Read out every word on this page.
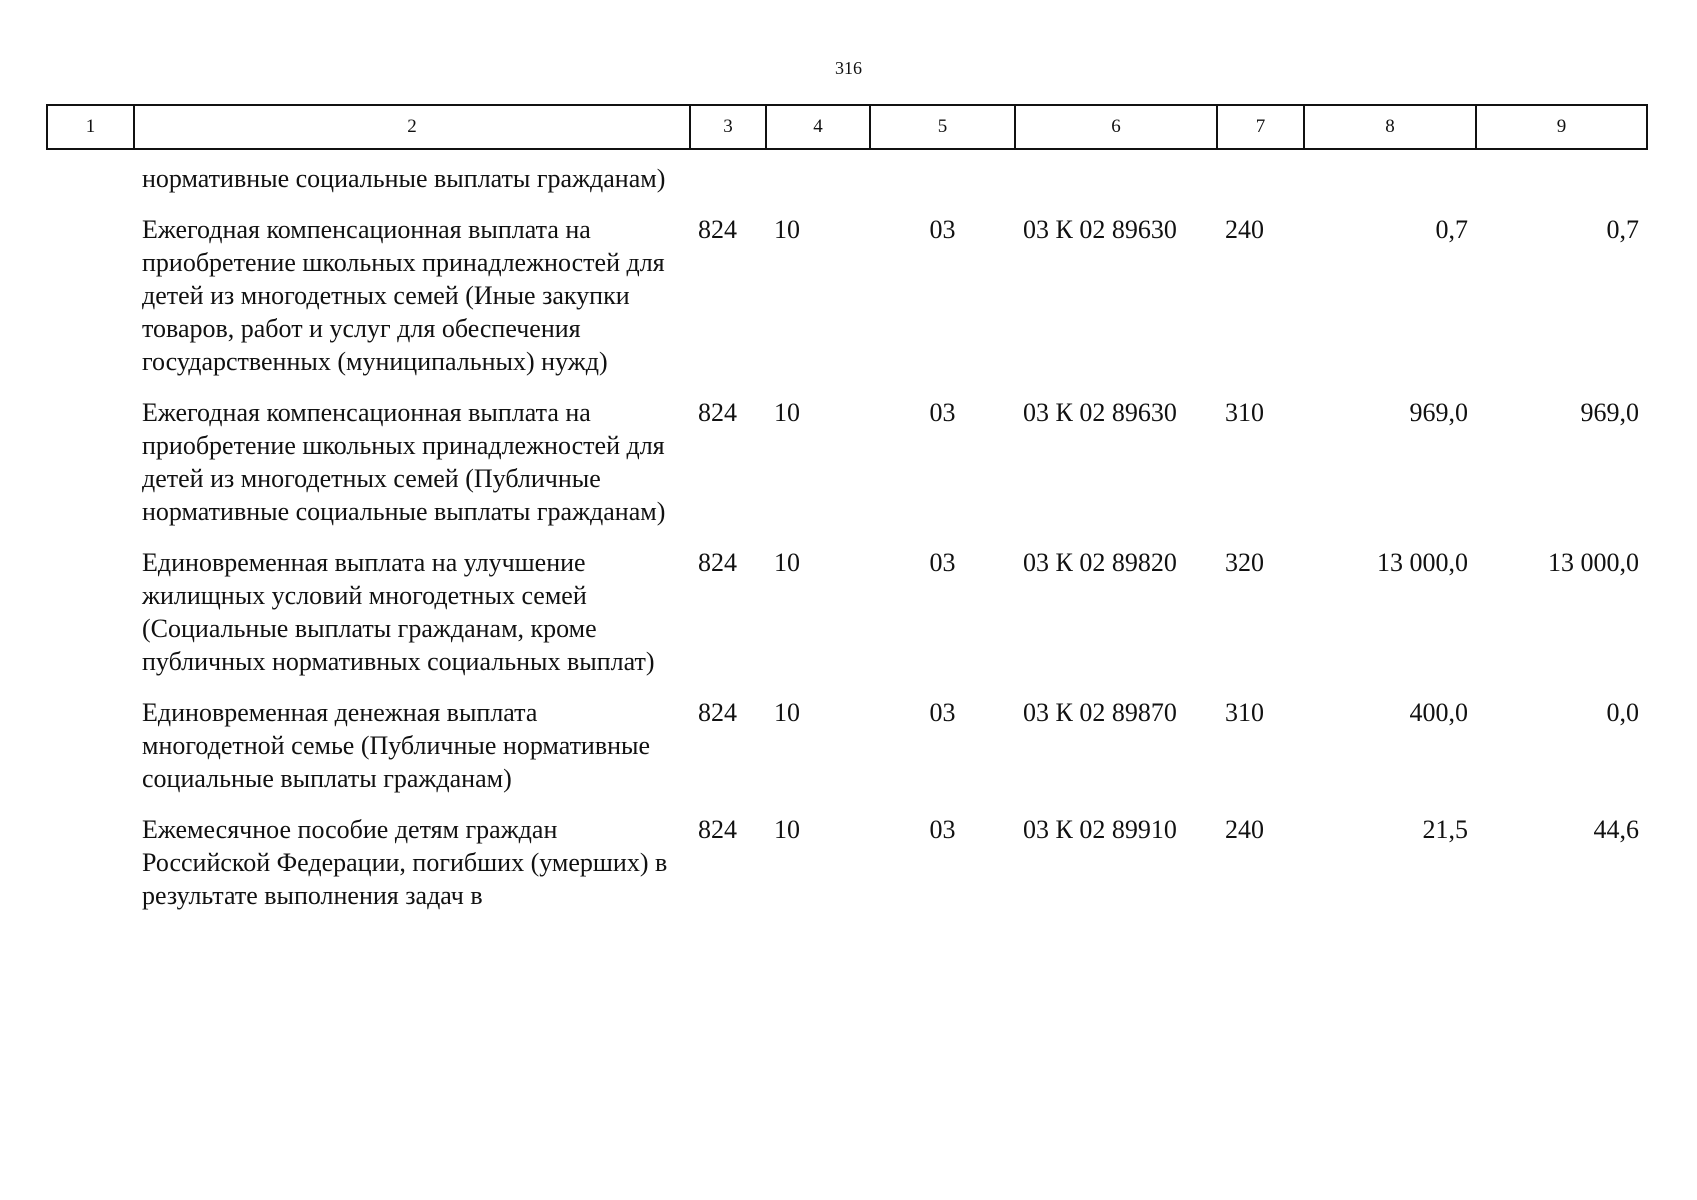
316
1	2	3	4	5	6	7	8	9
	нормативные социальные выплаты гражданам)							
	Ежегодная компенсационная выплата на приобретение школьных принадлежностей для детей из многодетных семей (Иные закупки товаров, работ и услуг для обеспечения государственных (муниципальных) нужд)	824	10	03	03 К 02 89630	240	0,7	0,7
	Ежегодная компенсационная выплата на приобретение школьных принадлежностей для детей из многодетных семей (Публичные нормативные социальные выплаты гражданам)	824	10	03	03 К 02 89630	310	969,0	969,0
	Единовременная выплата на улучшение жилищных условий многодетных семей (Социальные выплаты гражданам, кроме публичных нормативных социальных выплат)	824	10	03	03 К 02 89820	320	13 000,0	13 000,0
	Единовременная денежная выплата многодетной семье (Публичные нормативные социальные выплаты гражданам)	824	10	03	03 К 02 89870	310	400,0	0,0
	Ежемесячное пособие детям граждан Российской Федерации, погибших (умерших) в результате выполнения задач в	824	10	03	03 К 02 89910	240	21,5	44,6
